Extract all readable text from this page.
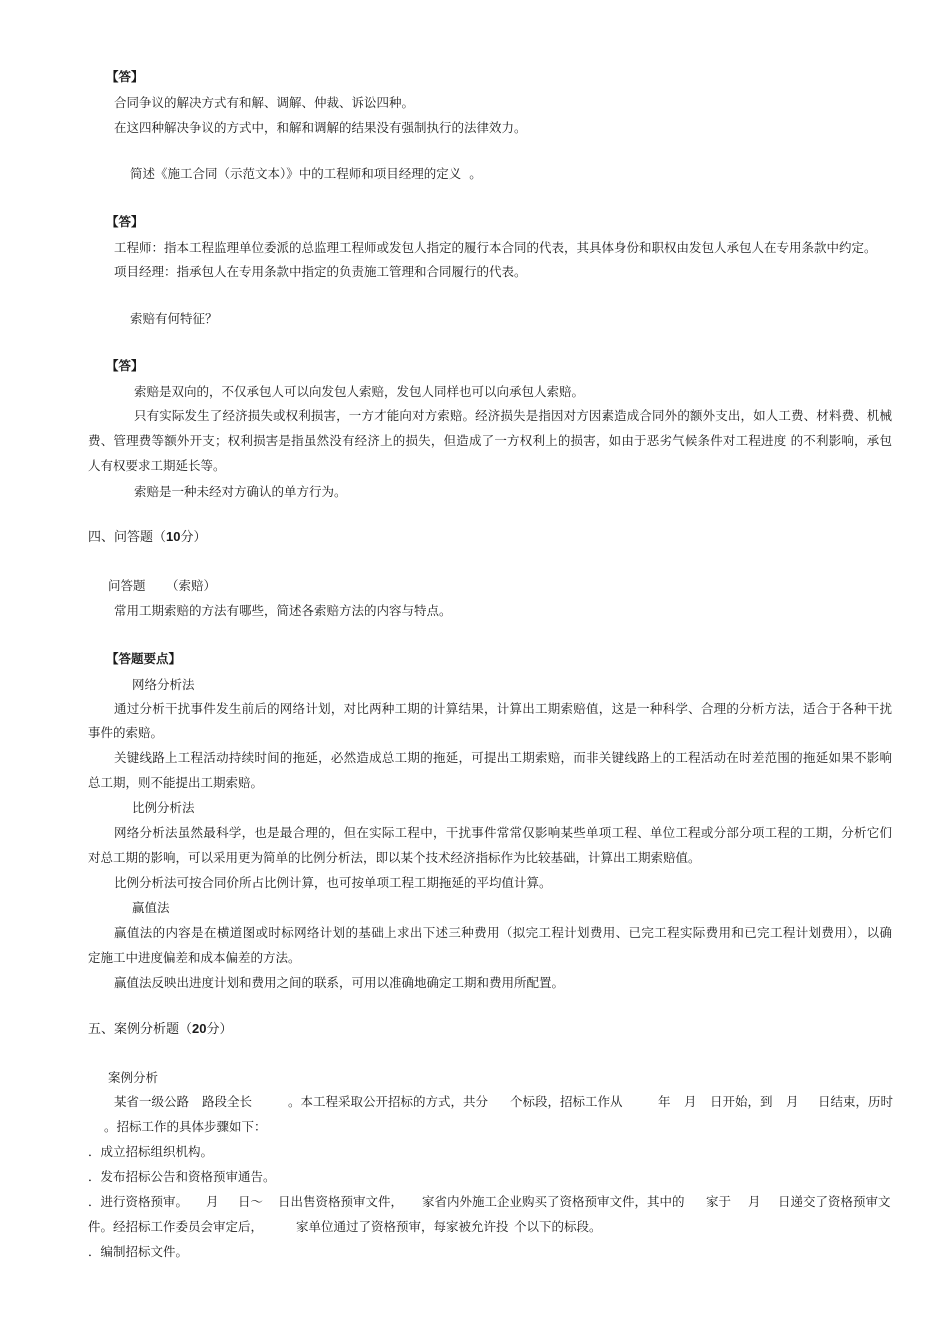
【答】
合同争议的解决方式有和解、调解、仲裁、诉讼四种。
在这四种解决争议的方式中，和解和调解的结果没有强制执行的法律效力。
简述《施工合同（示范文本）》中的工程师和项目经理的定义  。
【答】
工程师：指本工程监理单位委派的总监理工程师或发包人指定的履行本合同的代表，其具体身份和职权由发包人承包人在专用条款中约定。
项目经理：指承包人在专用条款中指定的负责施工管理和合同履行的代表。
索赔有何特征？
【答】
索赔是双向的，不仅承包人可以向发包人索赔，发包人同样也可以向承包人索赔。
只有实际发生了经济损失或权利损害，一方才能向对方索赔。经济损失是指因对方因素造成合同外的额外支出，如人工费、材料费、机械
费、管理费等额外开支；权利损害是指虽然没有经济上的损失，但造成了一方权利上的损害，如由于恶劣气候条件对工程进度 的不利影响，承包
人有权要求工期延长等。
索赔是一种未经对方确认的单方行为。
四、问答题（10分）
问答题 （索赔）
常用工期索赔的方法有哪些，简述各索赔方法的内容与特点。
【答题要点】
网络分析法
通过分析干扰事件发生前后的网络计划，对比两种工期的计算结果，计算出工期索赔值，这是一种科学、合理的分析方法，适合于各种干扰
事件的索赔。
关键线路上工程活动持续时间的拖延，必然造成总工期的拖延，可提出工期索赔，而非关键线路上的工程活动在时差范围的拖延如果不影响
总工期，则不能提出工期索赔。
比例分析法
网络分析法虽然最科学，也是最合理的，但在实际工程中，干扰事件常常仅影响某些单项工程、单位工程或分部分项工程的工期，分析它们
对总工期的影响，可以采用更为简单的比例分析法，即以某个技术经济指标作为比较基础，计算出工期索赔值。
比例分析法可按合同价所占比例计算，也可按单项工程工期拖延的平均值计算。
赢值法
赢值法的内容是在横道图或时标网络计划的基础上求出下述三种费用（拟完工程计划费用、已完工程实际费用和已完工程计划费用），以确
定施工中进度偏差和成本偏差的方法。
赢值法反映出进度计划和费用之间的联系，可用以准确地确定工期和费用所配置。
五、案例分析题（20分）
案例分析
某省一级公路 路段全长	。本工程采取公开招标的方式，共分 个标段，招标工作从	年 月 日开始，到 月 日结束，历时
。招标工作的具体步骤如下：
．成立招标组织机构。
．发布招标公告和资格预审通告。
．进行资格预审。 月 日～ 日出售资格预审文件， 家省内外施工企业购买了资格预审文件，其中的 家于 月 日递交了资格预审文
件。经招标工作委员会审定后，	家单位通过了资格预审，每家被允许投 个以下的标段。
．编制招标文件。
